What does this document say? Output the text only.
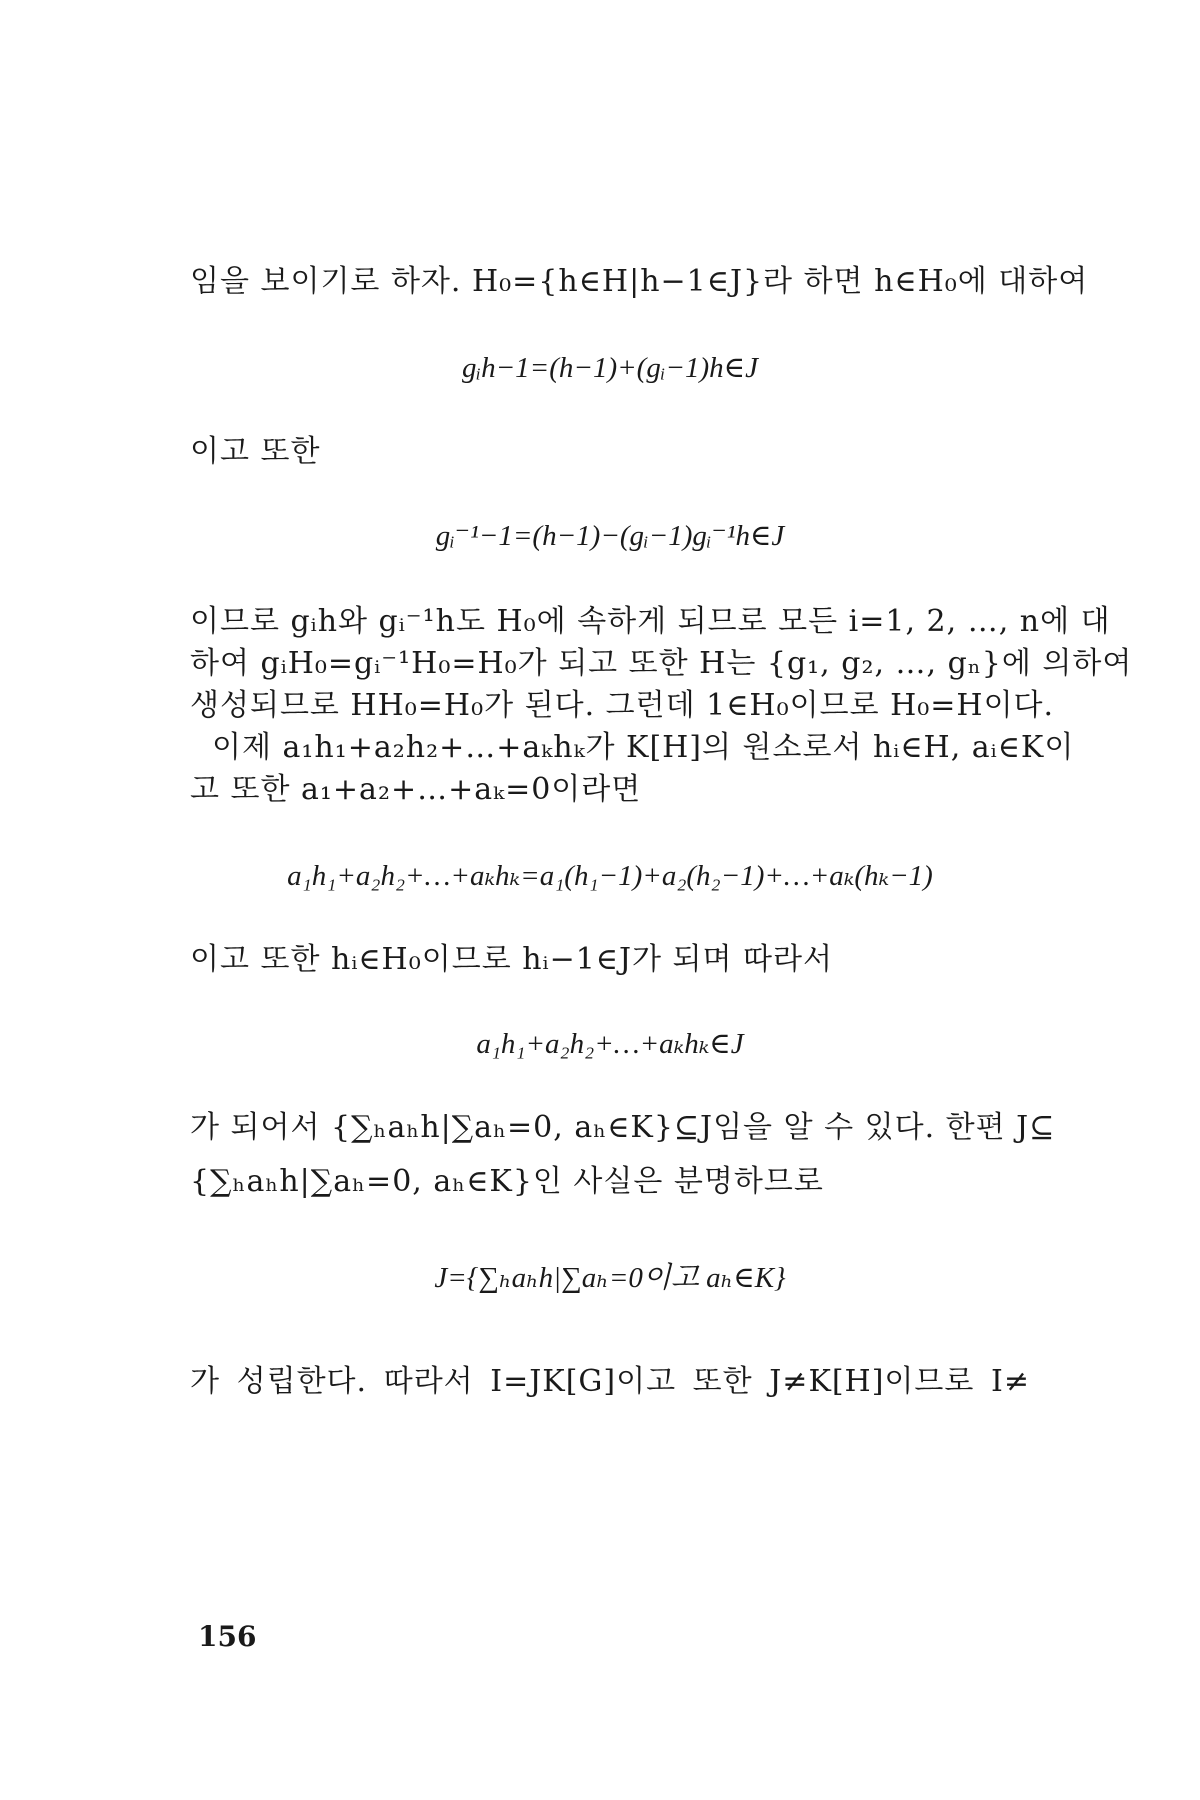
임을 보이기로 하자. H₀={h∈H|h−1∈J}라 하면 h∈H₀에 대하여
gᵢh−1=(h−1)+(gᵢ−1)h∈J
이고 또한
gᵢ⁻¹−1=(h−1)−(gᵢ−1)gᵢ⁻¹h∈J
이므로 gᵢh와 gᵢ⁻¹h도 H₀에 속하게 되므로 모든 i=1, 2, …, n에 대
하여 gᵢH₀=gᵢ⁻¹H₀=H₀가 되고 또한 H는 {g₁, g₂, …, gₙ}에 의하여
생성되므로 HH₀=H₀가 된다. 그런데 1∈H₀이므로 H₀=H이다.
이제 a₁h₁+a₂h₂+…+aₖhₖ가 K[H]의 원소로서 hᵢ∈H, aᵢ∈K이
고 또한 a₁+a₂+…+aₖ=0이라면
a₁h₁+a₂h₂+…+aₖhₖ=a₁(h₁−1)+a₂(h₂−1)+…+aₖ(hₖ−1)
이고 또한 hᵢ∈H₀이므로 hᵢ−1∈J가 되며 따라서
a₁h₁+a₂h₂+…+aₖhₖ∈J
가 되어서 {∑ₕaₕh|∑aₕ=0, aₕ∈K}⊆J임을 알 수 있다. 한편 J⊆
{∑ₕaₕh|∑aₕ=0, aₕ∈K}인 사실은 분명하므로
J={∑ₕaₕh|∑aₕ=0이고 aₕ∈K}
가 성립한다. 따라서 I=JK[G]이고 또한 J≠K[H]이므로 I≠
156
